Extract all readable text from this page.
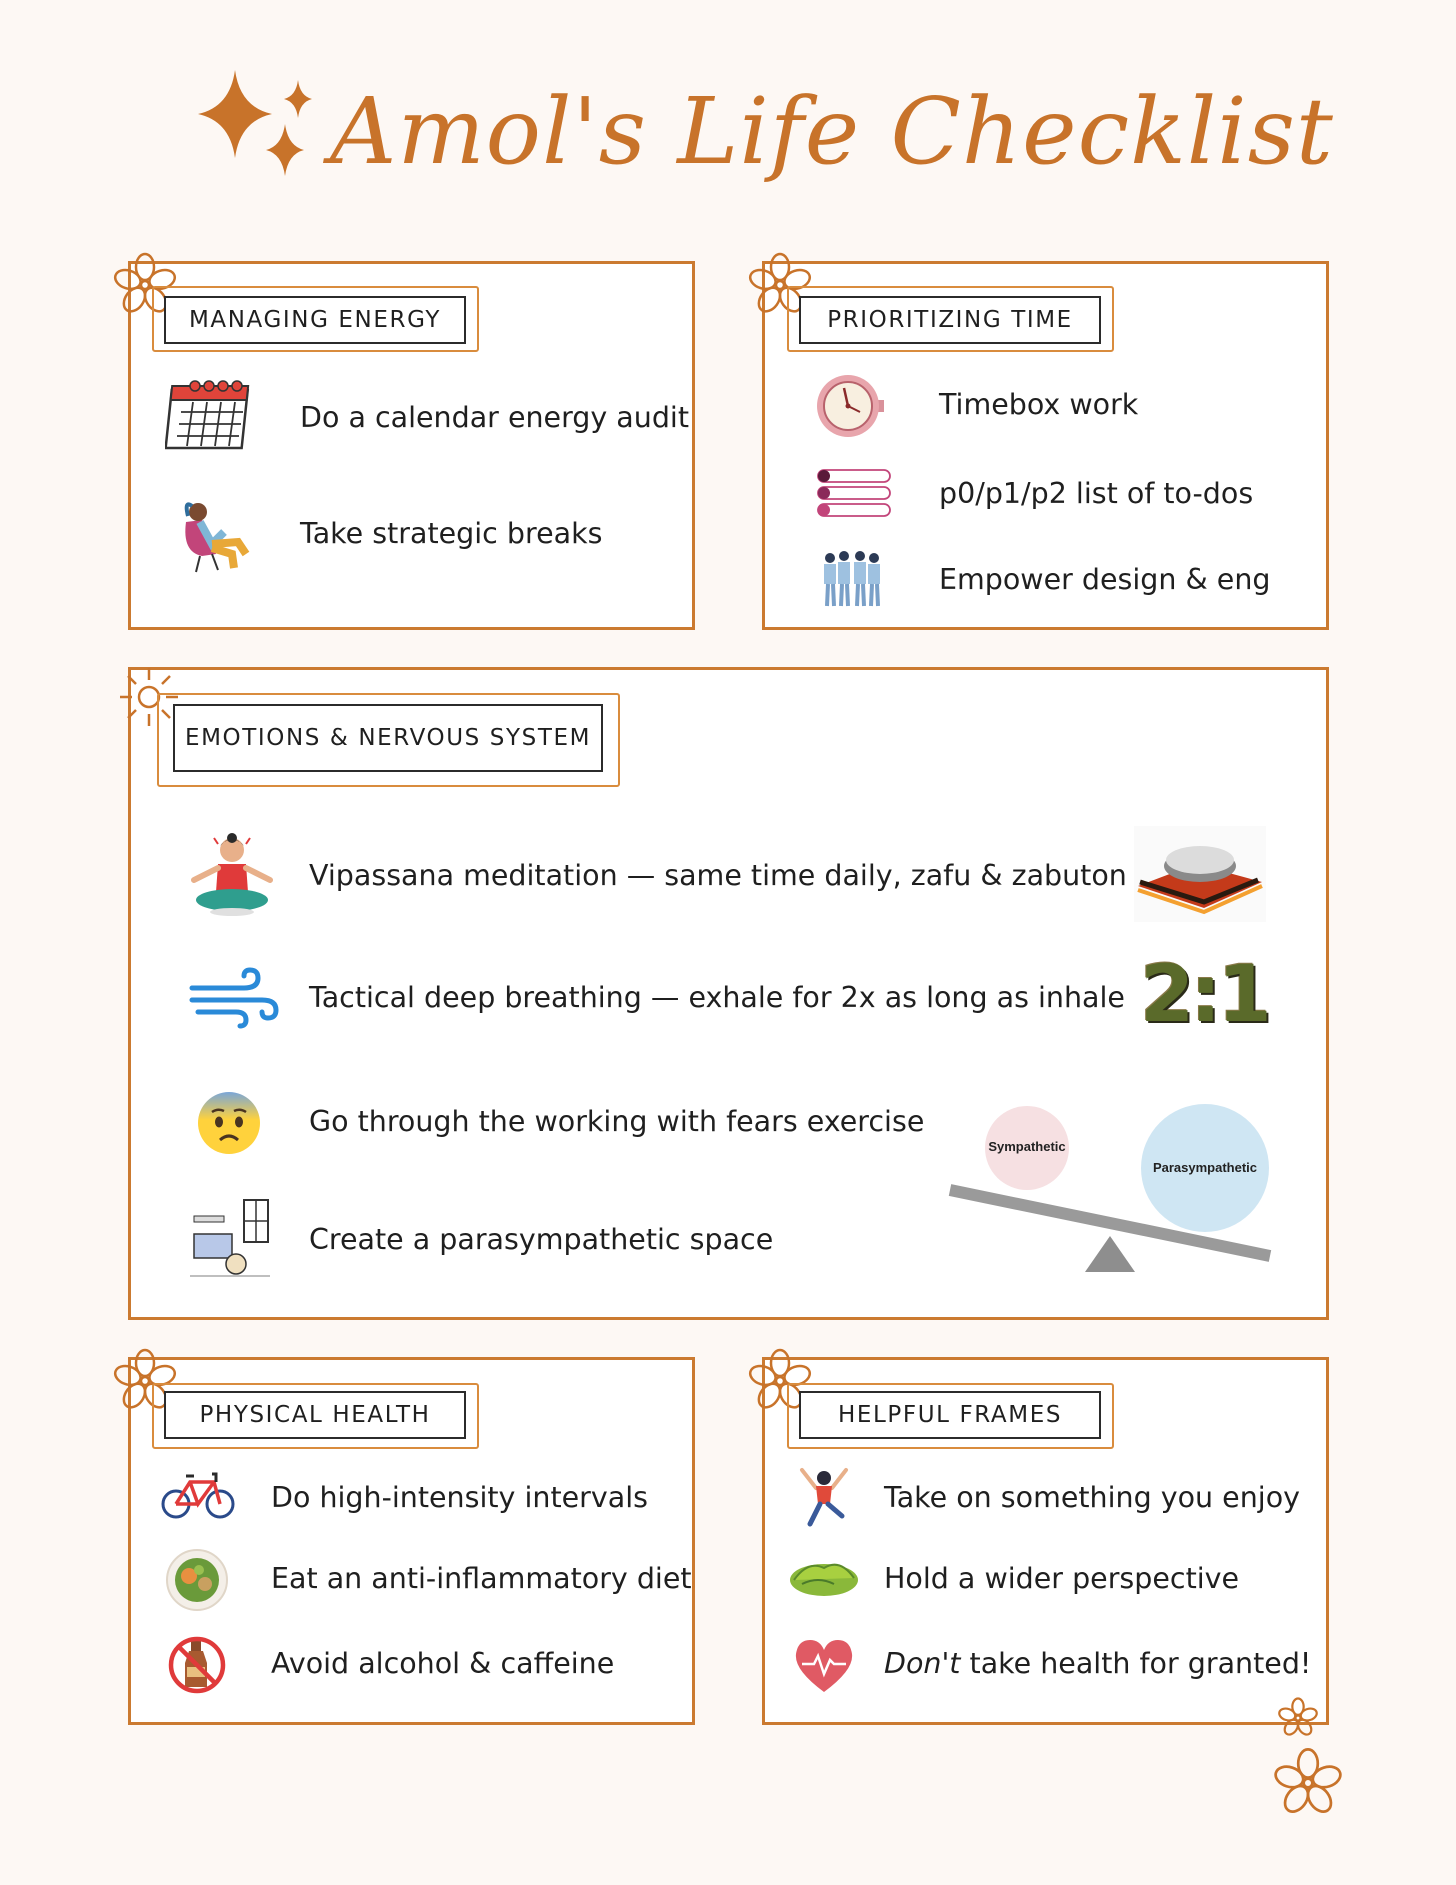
Amol's Life Checklist
MANAGING ENERGY
Do a calendar energy audit
Take strategic breaks
PRIORITIZING TIME
Timebox work
p0/p1/p2 list of to-dos
Empower design & eng
EMOTIONS & NERVOUS SYSTEM
Vipassana meditation — same time daily, zafu & zabuton
Tactical deep breathing — exhale for 2x as long as inhale 2:1
Go through the working with fears exercise
Create a parasympathetic space
Sympathetic
Parasympathetic
PHYSICAL HEALTH
Do high-intensity intervals
Eat an anti-inflammatory diet
Avoid alcohol & caffeine
HELPFUL FRAMES
Take on something you enjoy
Hold a wider perspective
Don't take health for granted!
